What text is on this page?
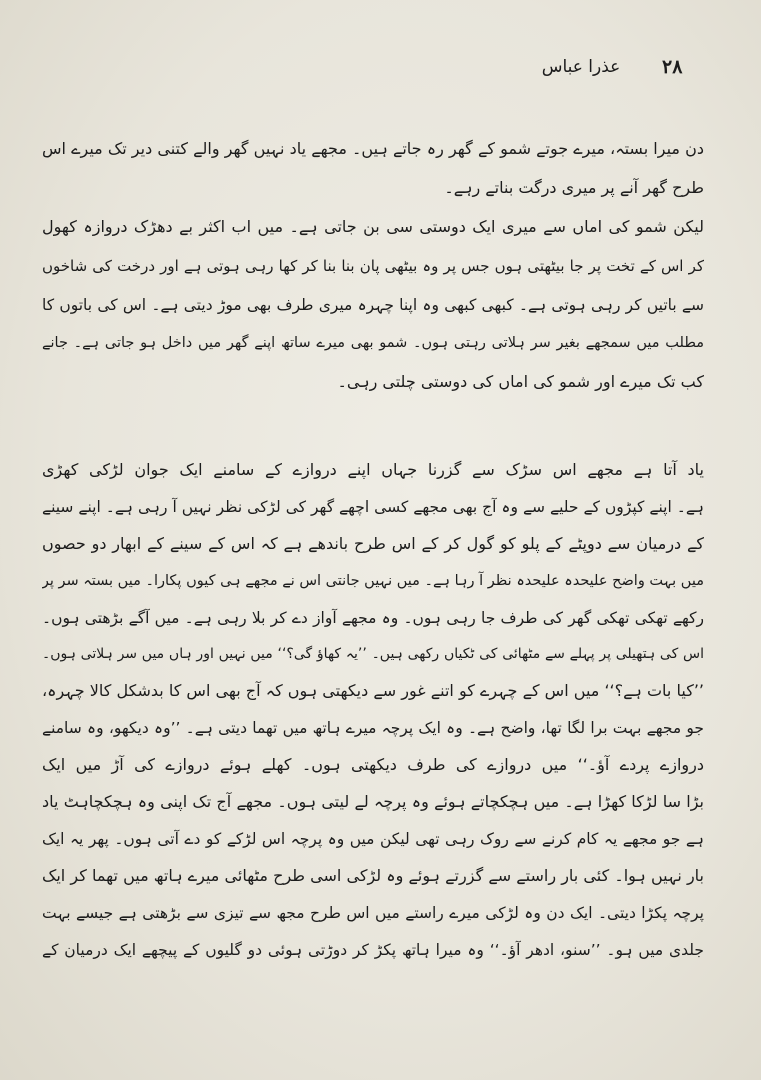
۲۸
عذرا عباس
دن میرا بستہ، میرے جوتے شمو کے گھر رہ جاتے ہیں۔ مجھے یاد نہیں گھر والے کتنی دیر تک میرے اس
طرح گھر آنے پر میری درگت بناتے رہے۔
لیکن شمو کی اماں سے میری ایک دوستی سی بن جاتی ہے۔ میں اب اکثر بے دھڑک دروازہ کھول
کر اس کے تخت پر جا بیٹھتی ہوں جس پر وہ بیٹھی پان بنا بنا کر کھا رہی ہوتی ہے اور درخت کی شاخوں
سے باتیں کر رہی ہوتی ہے۔ کبھی کبھی وہ اپنا چہرہ میری طرف بھی موڑ دیتی ہے۔ اس کی باتوں کا
مطلب میں سمجھے بغیر سر ہلاتی رہتی ہوں۔ شمو بھی میرے ساتھ اپنے گھر میں داخل ہو جاتی ہے۔ جانے
کب تک میرے اور شمو کی اماں کی دوستی چلتی رہی۔
یاد آتا ہے مجھے اس سڑک سے گزرنا جہاں اپنے دروازے کے سامنے ایک جوان لڑکی کھڑی
ہے۔ اپنے کپڑوں کے حلیے سے وہ آج بھی مجھے کسی اچھے گھر کی لڑکی نظر نہیں آ رہی ہے۔ اپنے سینے
کے درمیان سے دوپٹے کے پلو کو گول کر کے اس طرح باندھے ہے کہ اس کے سینے کے ابھار دو حصوں
میں بہت واضح علیحدہ علیحدہ نظر آ رہا ہے۔ میں نہیں جانتی اس نے مجھے ہی کیوں پکارا۔ میں بستہ سر پر
رکھے تھکی تھکی گھر کی طرف جا رہی ہوں۔ وہ مجھے آواز دے کر بلا رہی ہے۔ میں آگے بڑھتی ہوں۔
اس کی ہتھیلی پر پہلے سے مٹھائی کی ٹکیاں رکھی ہیں۔ ’’یہ کھاؤ گی؟‘‘ میں نہیں اور ہاں میں سر ہلاتی ہوں۔
’’کیا بات ہے؟‘‘ میں اس کے چہرے کو اتنے غور سے دیکھتی ہوں کہ آج بھی اس کا بدشکل کالا چہرہ،
جو مجھے بہت برا لگا تھا، واضح ہے۔ وہ ایک پرچہ میرے ہاتھ میں تھما دیتی ہے۔ ’’وہ دیکھو، وہ سامنے
دروازے پردے آؤ۔‘‘ میں دروازے کی طرف دیکھتی ہوں۔ کھلے ہوئے دروازے کی آڑ میں ایک
بڑا سا لڑکا کھڑا ہے۔ میں ہچکچاتے ہوئے وہ پرچہ لے لیتی ہوں۔ مجھے آج تک اپنی وہ ہچکچاہٹ یاد
ہے جو مجھے یہ کام کرنے سے روک رہی تھی لیکن میں وہ پرچہ اس لڑکے کو دے آتی ہوں۔ پھر یہ ایک
بار نہیں ہوا۔ کئی بار راستے سے گزرتے ہوئے وہ لڑکی اسی طرح مٹھائی میرے ہاتھ میں تھما کر ایک
پرچہ پکڑا دیتی۔ ایک دن وہ لڑکی میرے راستے میں اس طرح مجھ سے تیزی سے بڑھتی ہے جیسے بہت
جلدی میں ہو۔ ’’سنو، ادھر آؤ۔‘‘ وہ میرا ہاتھ پکڑ کر دوڑتی ہوئی دو گلیوں کے پیچھے ایک درمیان کے
